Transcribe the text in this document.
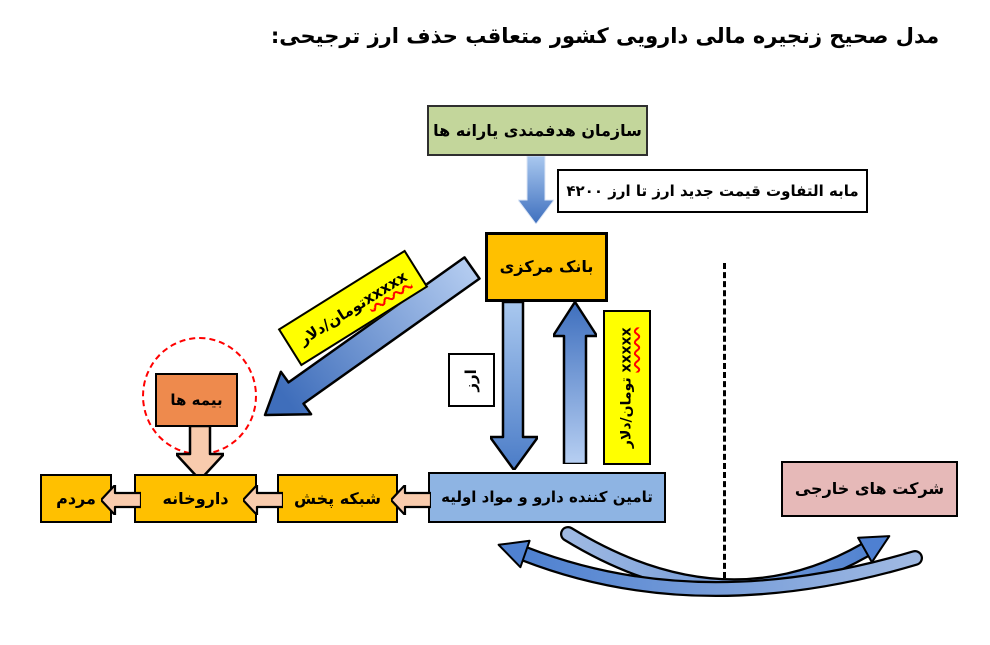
مدل صحیح زنجیره مالی دارویی کشور متعاقب حذف ارز ترجیحی:
سازمان هدفمندی یارانه ها
مابه التفاوت قیمت جدید ارز تا ارز ۴۲۰۰
بانک مرکزی
xxxxx
تومان/دلار
ارز
xxxxx تومان/دلار
بیمه ها
مردم	داروخانه	شبکه پخش	تامین کننده دارو و مواد اولیه	شرکت های خارجی
